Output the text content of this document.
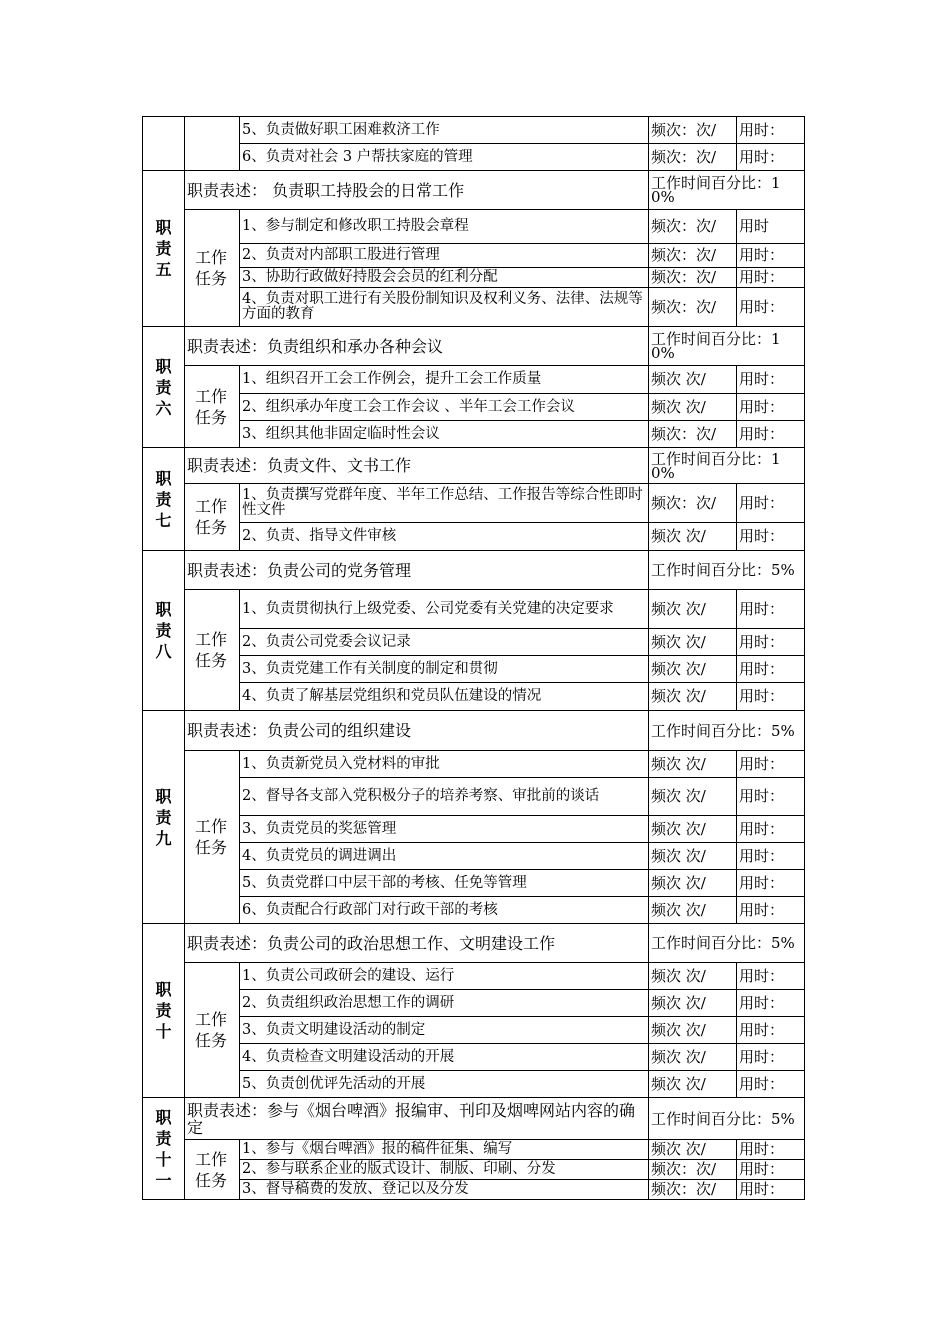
		5、负责做好职工困难救济工作	频次：次/	用时：
		6、负责对社会 3 户帮扶家庭的管理	频次：次/	用时：

职责五	职责表述： 负责职工持股会的日常工作		工作时间百分比：10%	
	工作任务	1、参与制定和修改职工持股会章程	频次：次/	用时
		2、负责对内部职工股进行管理	频次：次/	用时：
		3、协助行政做好持股会会员的红利分配	频次：次/	用时：
		4、负责对职工进行有关股份制知识及权利义务、法律、法规等方面的教育	频次：次/	用时：

职责六	职责表述：负责组织和承办各种会议		工作时间百分比：10%	
	工作任务	1、组织召开工会工作例会，提升工会工作质量	频次 次/	用时：
		2、组织承办年度工会工作会议 、半年工会工作会议	频次 次/	用时：
		3、组织其他非固定临时性会议	频次：次/	用时：

职责七	职责表述：负责文件、文书工作		工作时间百分比：10%	
	工作任务	1、负责撰写党群年度、半年工作总结、工作报告等综合性即时性文件	频次：次/	用时：
		2、负责、指导文件审核	频次 次/	用时：

职责八	职责表述：负责公司的党务管理		工作时间百分比：5%	
	工作任务	1、负责贯彻执行上级党委、公司党委有关党建的决定要求	频次 次/	用时：
		2、负责公司党委会议记录	频次 次/	用时：
		3、负责党建工作有关制度的制定和贯彻	频次 次/	用时：
		4、负责了解基层党组织和党员队伍建设的情况	频次 次/	用时：

职责九	职责表述：负责公司的组织建设		工作时间百分比：5%	
	工作任务	1、负责新党员入党材料的审批	频次 次/	用时：
		2、督导各支部入党积极分子的培养考察、审批前的谈话	频次 次/	用时：
		3、负责党员的奖惩管理	频次 次/	用时：
		4、负责党员的调进调出	频次 次/	用时：
		5、负责党群口中层干部的考核、任免等管理	频次 次/	用时：
		6、负责配合行政部门对行政干部的考核	频次 次/	用时：

职责十	职责表述：负责公司的政治思想工作、文明建设工作		工作时间百分比：5%	
	工作任务	1、负责公司政研会的建设、运行	频次 次/	用时：
		2、负责组织政治思想工作的调研	频次 次/	用时：
		3、负责文明建设活动的制定	频次 次/	用时：
		4、负责检查文明建设活动的开展	频次 次/	用时：
		5、负责创优评先活动的开展	频次 次/	用时：

职责十一	职责表述：参与《烟台啤酒》报编审、刊印及烟啤网站内容的确定		工作时间百分比：5%	
	工作任务	1、参与《烟台啤酒》报的稿件征集、编写	频次 次/	用时：
		2、参与联系企业的版式设计、制版、印刷、分发	频次：次/	用时：
		3、督导稿费的发放、登记以及分发	频次：次/	用时：
